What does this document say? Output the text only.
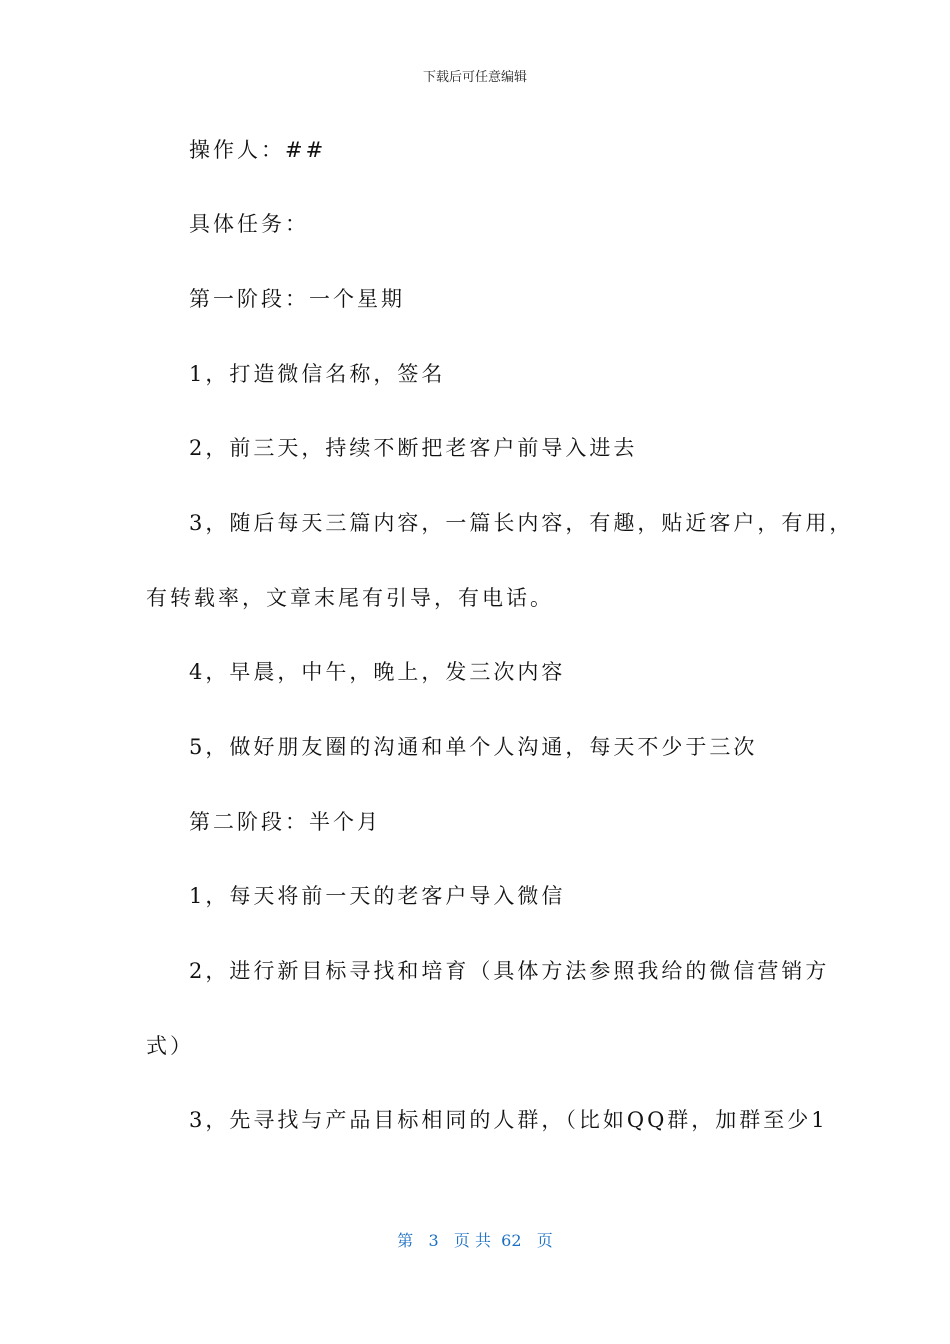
下载后可任意编辑
操作人：##
具体任务：
第一阶段：一个星期
1，打造微信名称，签名
2，前三天，持续不断把老客户前导入进去
3，随后每天三篇内容，一篇长内容，有趣，贴近客户，有用，
有转载率，文章末尾有引导，有电话。
4，早晨，中午，晚上，发三次内容
5，做好朋友圈的沟通和单个人沟通，每天不少于三次
第二阶段：半个月
1，每天将前一天的老客户导入微信
2，进行新目标寻找和培育（具体方法参照我给的微信营销方
式）
3，先寻找与产品目标相同的人群，（比如QQ群，加群至少1
第 3 页 共 62 页
